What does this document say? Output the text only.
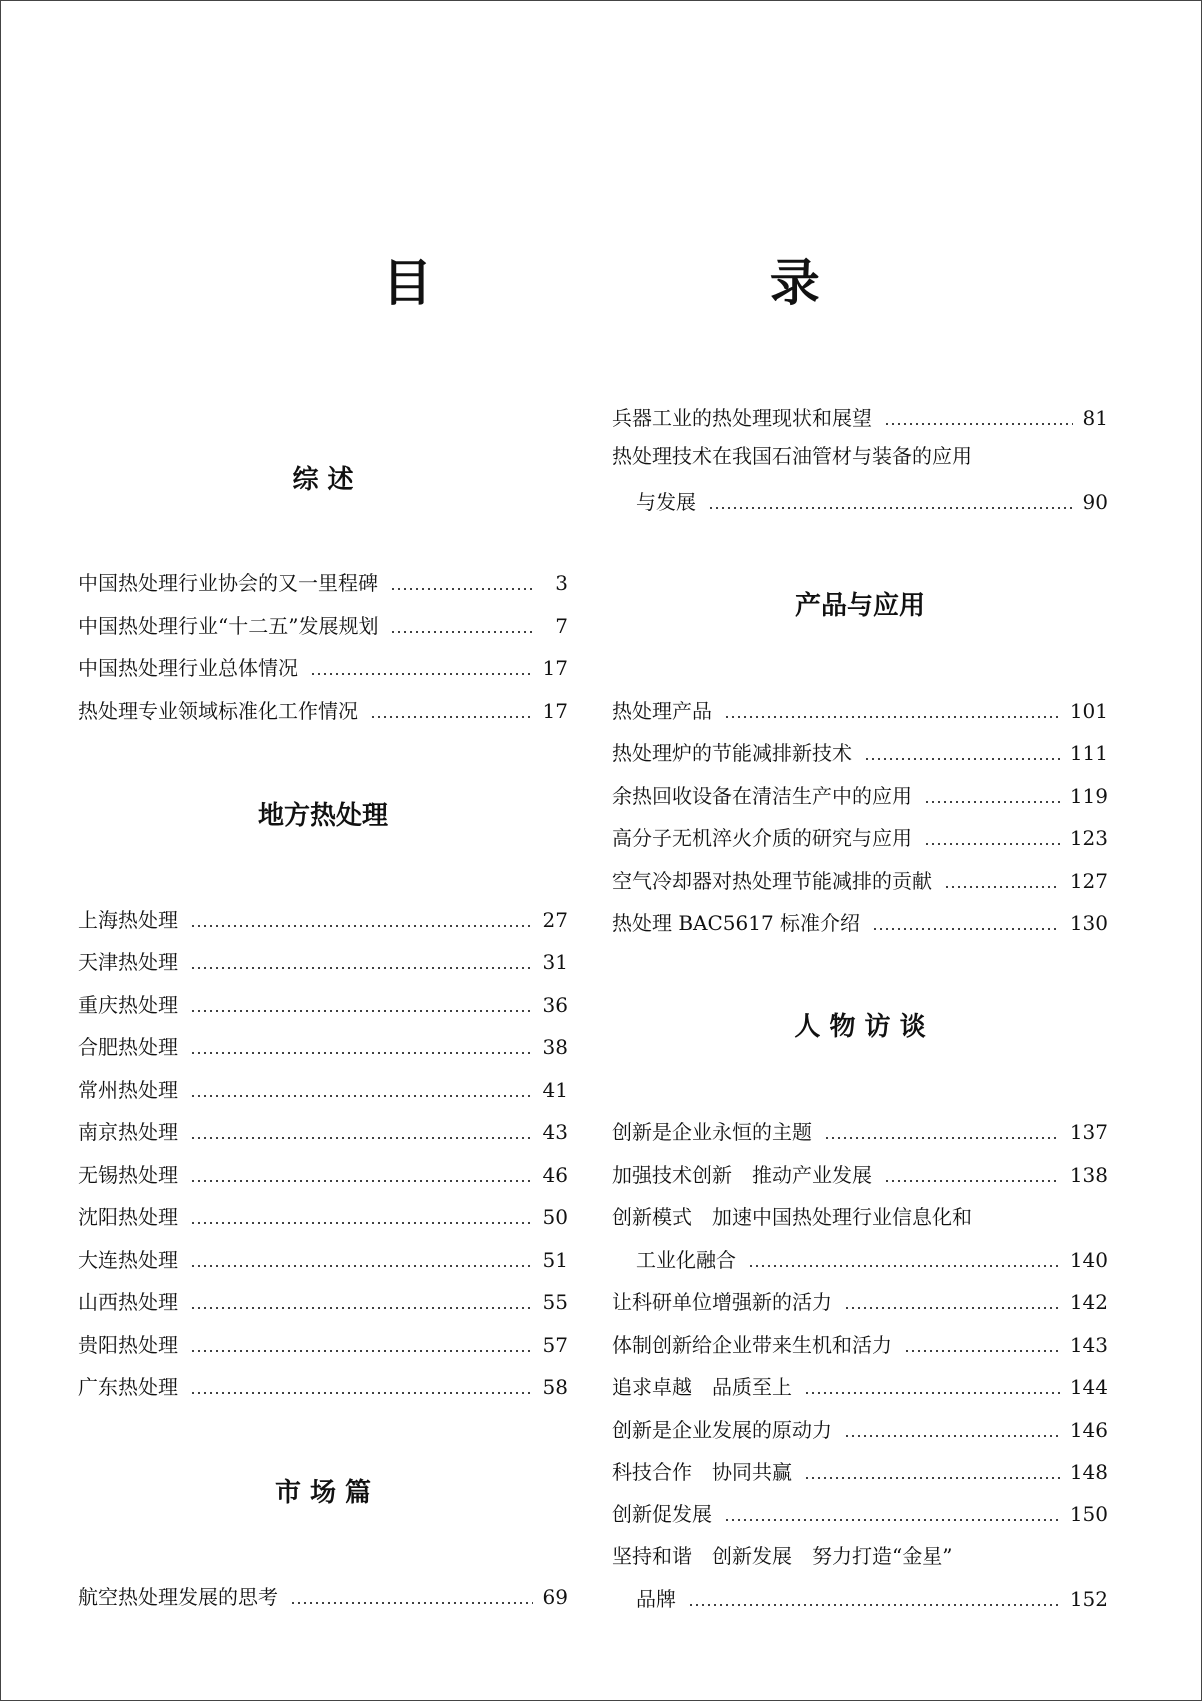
目 录
综 述
中国热处理行业协会的又一里程碑	3
中国热处理行业“十二五”发展规划	7
中国热处理行业总体情况	17
热处理专业领域标准化工作情况	17
地方热处理
上海热处理	27
天津热处理	31
重庆热处理	36
合肥热处理	38
常州热处理	41
南京热处理	43
无锡热处理	46
沈阳热处理	50
大连热处理	51
山西热处理	55
贵阳热处理	57
广东热处理	58
市 场 篇
航空热处理发展的思考	69
兵器工业的热处理现状和展望	81
热处理技术在我国石油管材与装备的应用
与发展	90
产品与应用
热处理产品	101
热处理炉的节能减排新技术	111
余热回收设备在清洁生产中的应用	119
高分子无机淬火介质的研究与应用	123
空气冷却器对热处理节能减排的贡献	127
热处理 BAC5617 标准介绍	130
人 物 访 谈
创新是企业永恒的主题	137
加强技术创新　推动产业发展	138
创新模式　加速中国热处理行业信息化和
工业化融合	140
让科研单位增强新的活力	142
体制创新给企业带来生机和活力	143
追求卓越　品质至上	144
创新是企业发展的原动力	146
科技合作　协同共赢	148
创新促发展	150
坚持和谐　创新发展　努力打造“金星”
品牌	152
